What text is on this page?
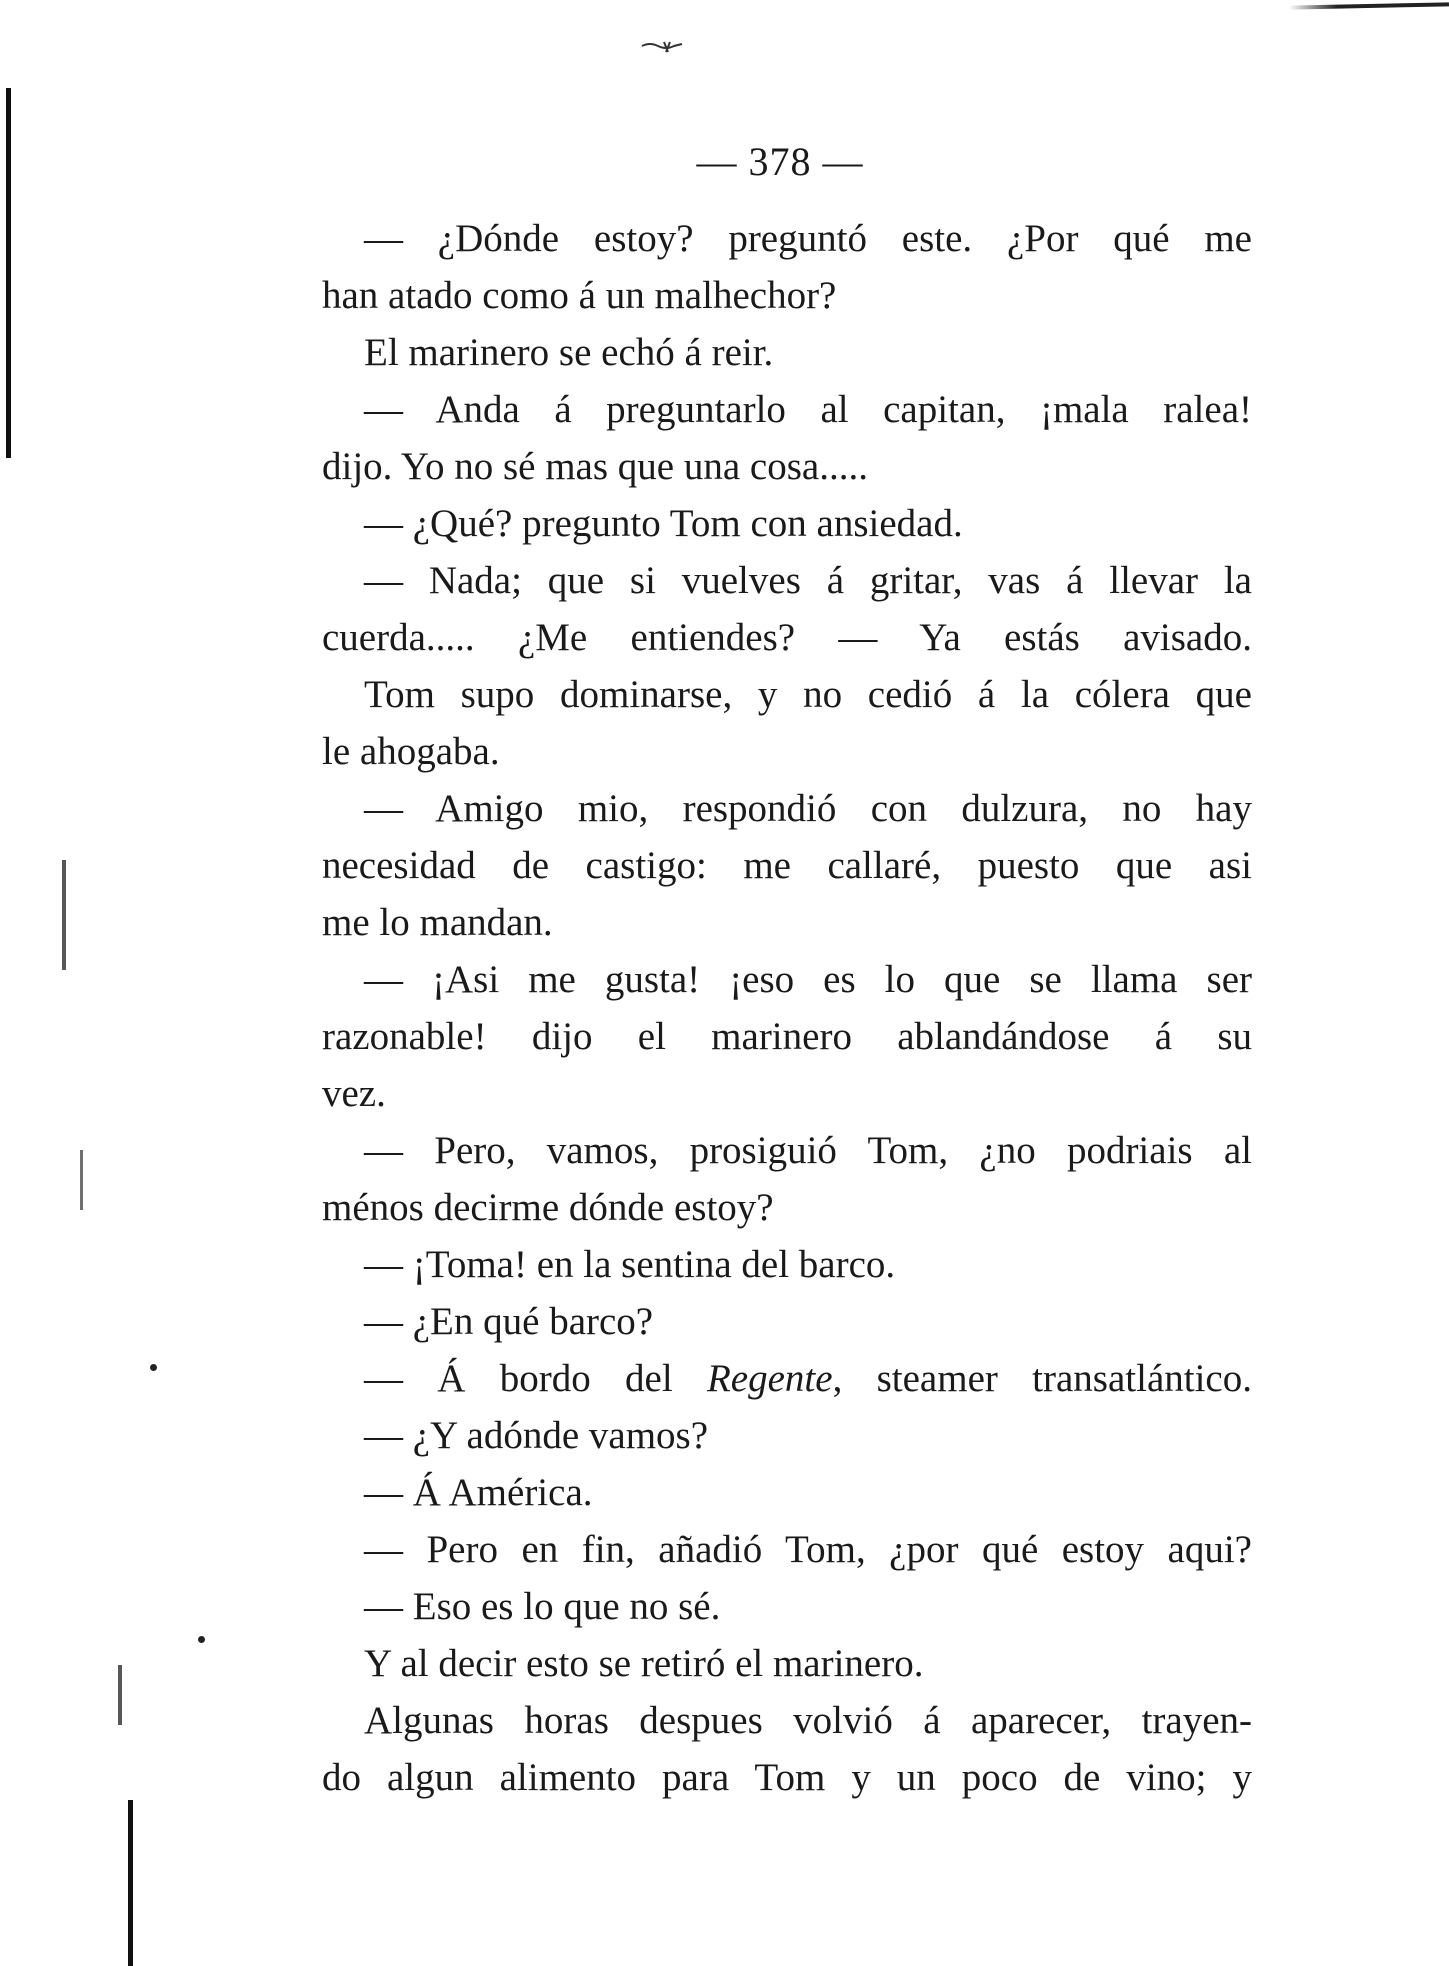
— 378 —
— ¿Dónde estoy? preguntó este. ¿Por qué me
han atado como á un malhechor?
El marinero se echó á reir.
— Anda á preguntarlo al capitan, ¡mala ralea!
dijo. Yo no sé mas que una cosa.....
— ¿Qué? pregunto Tom con ansiedad.
— Nada; que si vuelves á gritar, vas á llevar la
cuerda..... ¿Me entiendes? — Ya estás avisado.
Tom supo dominarse, y no cedió á la cólera que
le ahogaba.
— Amigo mio, respondió con dulzura, no hay
necesidad de castigo: me callaré, puesto que asi
me lo mandan.
— ¡Asi me gusta! ¡eso es lo que se llama ser
razonable! dijo el marinero ablandándose á su
vez.
— Pero, vamos, prosiguió Tom, ¿no podriais al
ménos decirme dónde estoy?
— ¡Toma! en la sentina del barco.
— ¿En qué barco?
— Á bordo del Regente, steamer transatlántico.
— ¿Y adónde vamos?
— Á América.
— Pero en fin, añadió Tom, ¿por qué estoy aqui?
— Eso es lo que no sé.
Y al decir esto se retiró el marinero.
Algunas horas despues volvió á aparecer, trayen-
do algun alimento para Tom y un poco de vino; y
